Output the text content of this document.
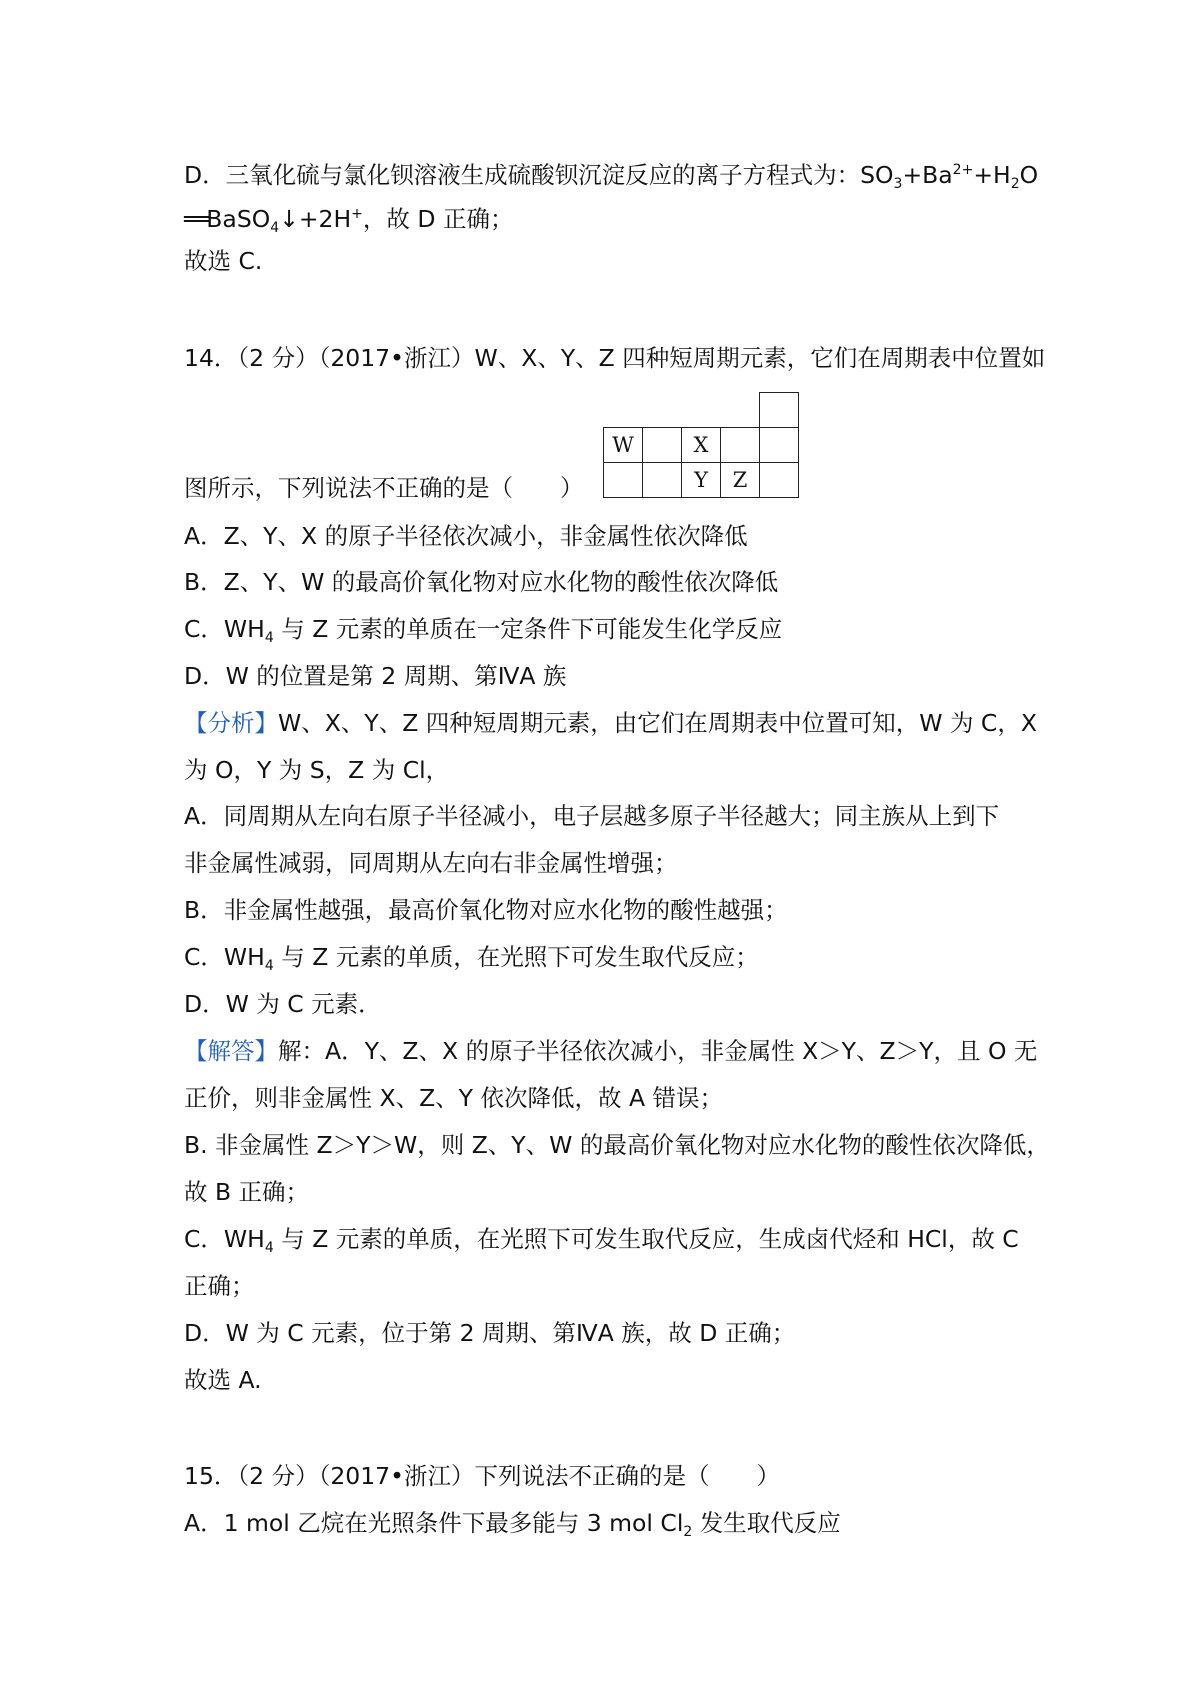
D．三氧化硫与氯化钡溶液生成硫酸钡沉淀反应的离子方程式为：$SO_3+Ba^{2+}+H_2O$
══BaSO$_4$↓+2H+，故 D 正确；
故选 C.
14．（2 分）（2017•浙江）W、X、Y、Z 四种短周期元素，它们在周期表中位置如

W		X		
		Y	Z	
图所示，下列说法不正确的是（　　）
A．Z、Y、X 的原子半径依次减小，非金属性依次降低
B．Z、Y、W 的最高价氧化物对应水化物的酸性依次降低
C．$WH_4$ 与 Z 元素的单质在一定条件下可能发生化学反应
D．W 的位置是第 2 周期、第ⅣA 族
【分析】W、X、Y、Z 四种短周期元素，由它们在周期表中位置可知，W 为 C，X
为 O，Y 为 S，Z 为 Cl，
A．同周期从左向右原子半径减小，电子层越多原子半径越大；同主族从上到下
非金属性减弱，同周期从左向右非金属性增强；
B．非金属性越强，最高价氧化物对应水化物的酸性越强；
C．$WH_4$ 与 Z 元素的单质，在光照下可发生取代反应；
D．W 为 C 元素．
【解答】解：A．Y、Z、X 的原子半径依次减小，非金属性 X＞Y、Z＞Y，且 O 无
正价，则非金属性 X、Z、Y 依次降低，故 A 错误；
B. 非金属性 Z＞Y＞W，则 Z、Y、W 的最高价氧化物对应水化物的酸性依次降低，
故 B 正确；
C．$WH_4$ 与 Z 元素的单质，在光照下可发生取代反应，生成卤代烃和 HCl，故 C
正确；
D．W 为 C 元素，位于第 2 周期、第ⅣA 族，故 D 正确；
故选 A.
15．（2 分）（2017•浙江）下列说法不正确的是（　　）
A．1 mol 乙烷在光照条件下最多能与 3 mol $Cl_2$ 发生取代反应
